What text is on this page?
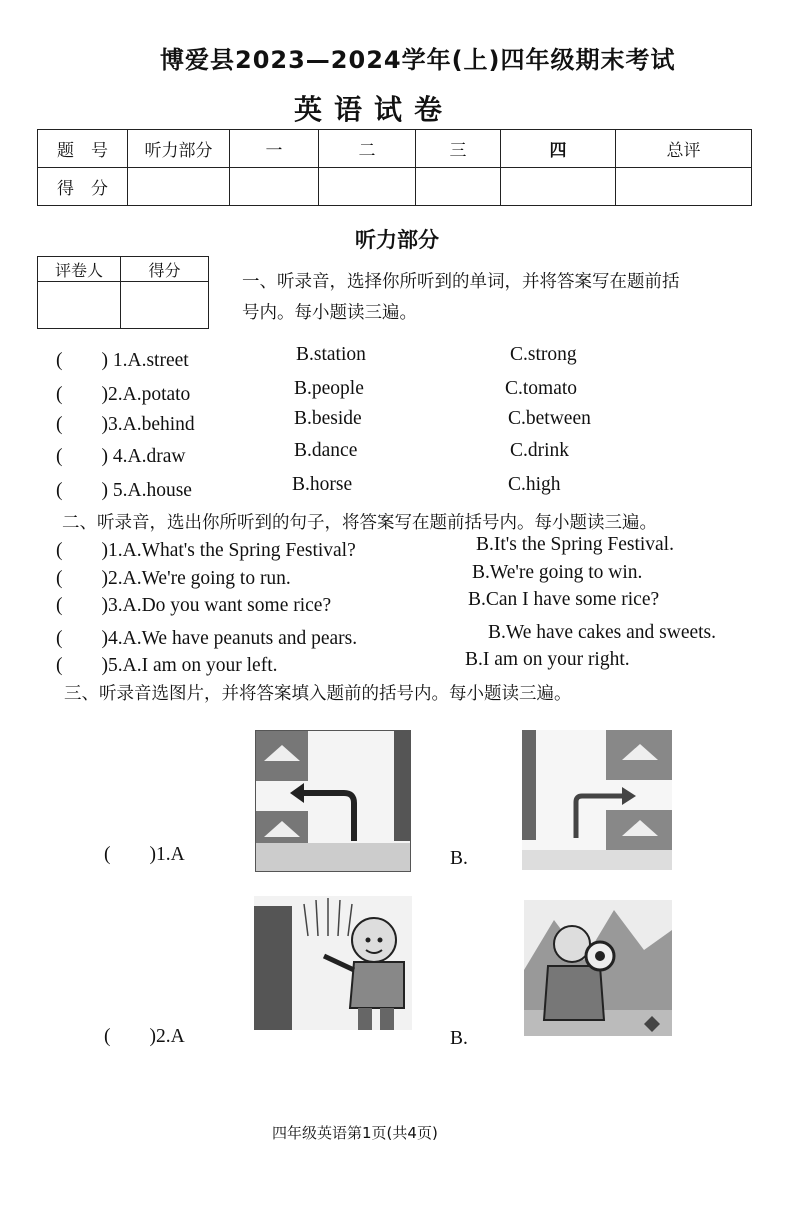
博爱县2023—2024学年(上)四年级期末考试
英语试卷
题　号	听力部分	一	二	三	四	总评
得　分						
听力部分
评卷人	得分

一、听录音，选择你所听到的单词，并将答案写在题前括
号内。每小题读三遍。
(　　) 1.A.street	B.station	C.strong
(　　)2.A.potato	B.people	C.tomato
(　　)3.A.behind	B.beside	C.between
(　　) 4.A.draw	B.dance	C.drink
(　　) 5.A.house	B.horse	C.high
二、听录音，选出你所听到的句子，将答案写在题前括号内。每小题读三遍。
(　　)1.A.What's the Spring Festival?	B.It's the Spring Festival.
(　　)2.A.We're going to run.	B.We're going to win.
(　　)3.A.Do you want some rice?	B.Can I have some rice?
(　　)4.A.We have peanuts and pears.	B.We have cakes and sweets.
(　　)5.A.I am on your left.	B.I am on your right.
三、听录音选图片，并将答案填入题前的括号内。每小题读三遍。
(　　)1.A	B.
(　　)2.A	B.
四年级英语第1页(共4页)
